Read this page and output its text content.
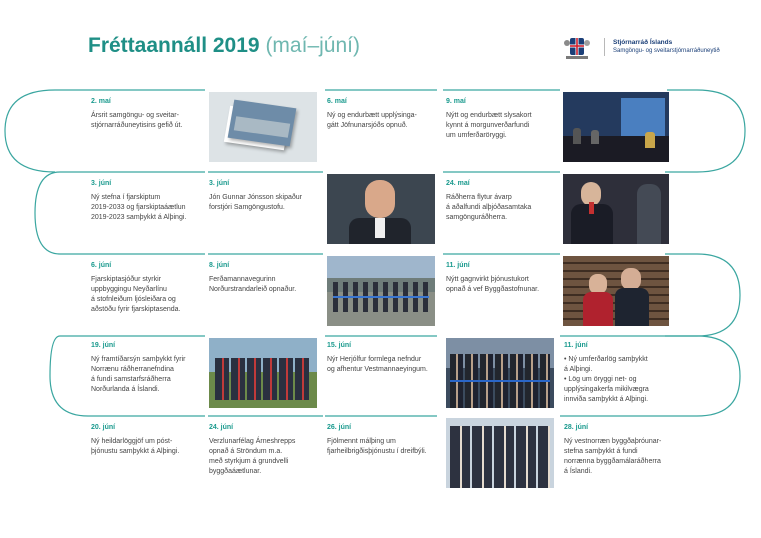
Fréttaannáll 2019 (maí–júní)	Stjórnarráð Íslands
Samgöngu- og sveitarstjórnarráðuneytið
2. maí
Ársrit samgöngu- og sveitar-
stjórnarráðuneytisins gefið út.
6. maí
Ný og endurbætt upplýsinga-
gátt Jöfnunarsjóðs opnuð.
9. maí
Nýtt og endurbætt slysakort
kynnt á morgunverðarfundi
um umferðaröryggi.
3. júní
Ný stefna í fjarskiptum
2019-2033 og fjarskiptaáætlun
2019-2023 samþykkt á Alþingi.
3. júní
Jón Gunnar Jónsson skipaður
forstjóri Samgöngustofu.
24. maí
Ráðherra flytur ávarp
á aðalfundi alþjóðasamtaka
samgönguráðherra.
6. júní
Fjarskiptasjóður styrkir
uppbyggingu Neyðarlínu
á stofnleiðum ljósleiðara og
aðstöðu fyrir fjarskiptasenda.
8. júní
Ferðamannavegurinn
Norðurstrandarleið opnaður.
11. júní
Nýtt gagnvirkt þjónustukort
opnað á vef Byggðastofnunar.
19. júní
Ný framtíðarsýn samþykkt fyrir
Norrænu ráðherranefndina
á fundi samstarfsráðherra
Norðurlanda á Íslandi.
15. júní
Nýr Herjólfur formlega nefndur
og afhentur Vestmannaeyingum.
11. júní
• Ný umferðarlög samþykkt
á Alþingi.
• Lög um öryggi net- og
upplýsingakerfa mikilvægra
innviða samþykkt á Alþingi.
20. júní
Ný heildarlöggjöf um póst-
þjónustu samþykkt á Alþingi.
24. júní
Verzlunarfélag Árneshrepps
opnað á Ströndum m.a.
með styrkjum á grundvelli
byggðaáætlunar.
26. júní
Fjölmennt málþing um
fjarheilbrigðisþjónustu í dreifbýli.
28. júní
Ný vestnorræn byggðaþróunar-
stefna samþykkt á fundi
norrænna byggðamálaráðherra
á Íslandi.
